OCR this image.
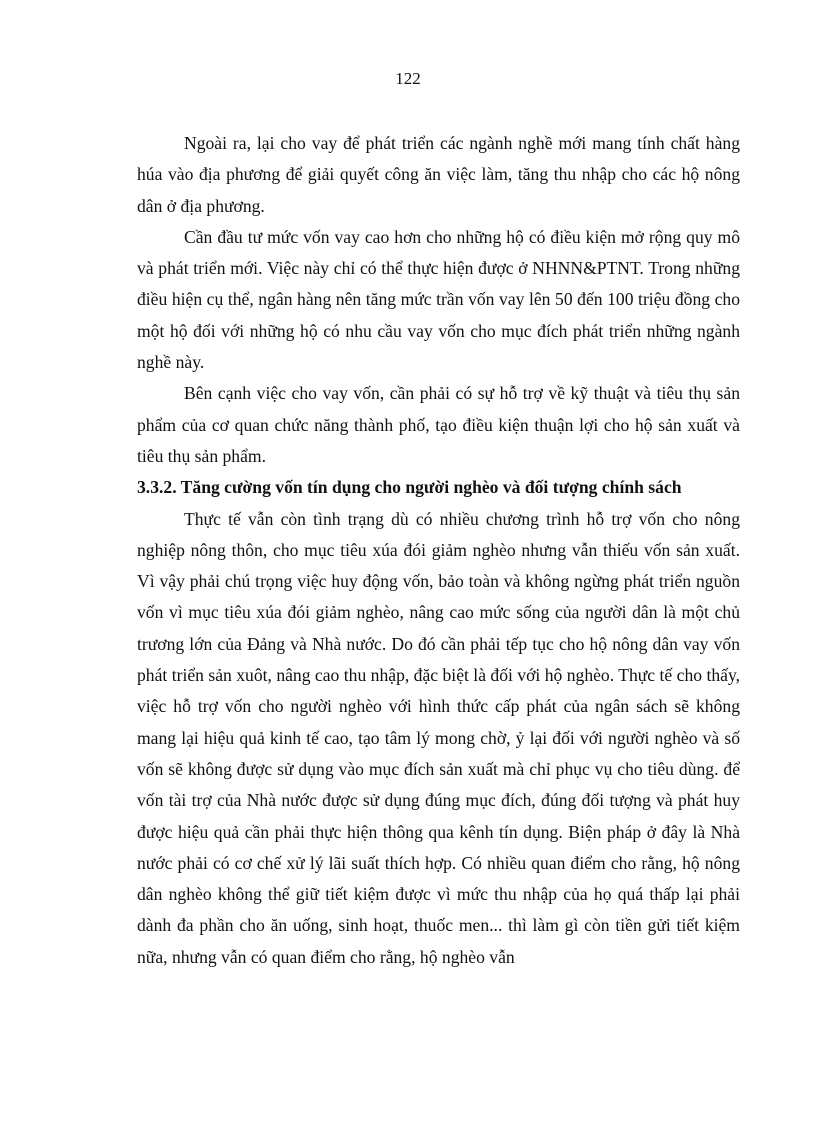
122

Ngoài ra, lại cho vay để phát triển các ngành nghề mới mang tính chất hàng húa vào địa phương để giải quyết công ăn việc làm, tăng thu nhập cho các hộ nông dân ở địa phương.

Cần đầu tư mức vốn vay cao hơn cho những hộ có điều kiện mở rộng quy mô và phát triển mới. Việc này chỉ có thể thực hiện được ở NHNN&PTNT. Trong những điều hiện cụ thể, ngân hàng nên tăng mức trần vốn vay lên 50 đến 100 triệu đồng cho một hộ đối với những hộ có nhu cầu vay vốn cho mục đích phát triển những ngành nghề này.

Bên cạnh việc cho vay vốn, cần phải có sự hỗ trợ về kỹ thuật và tiêu thụ sản phẩm của cơ quan chức năng thành phố, tạo điều kiện thuận lợi cho hộ sản xuất và tiêu thụ sản phẩm.

3.3.2. Tăng cường vốn tín dụng cho người nghèo và đối tượng chính sách

Thực tế vẫn còn tình trạng dù có nhiều chương trình hỗ trợ vốn cho nông nghiệp nông thôn, cho mục tiêu xúa đói giảm nghèo nhưng vẫn thiếu vốn sản xuất. Vì vậy phải chú trọng việc huy động vốn, bảo toàn và không ngừng phát triển nguồn vốn vì mục tiêu xúa đói giảm nghèo, nâng cao mức sống của người dân là một chủ trương lớn của Đảng và Nhà nước. Do đó cần phải tếp tục cho hộ nông dân vay vốn phát triển sản xuôt, nâng cao thu nhập, đặc biệt là đối với hộ nghèo. Thực tế cho thấy, việc hỗ trợ vốn cho người nghèo với hình thức cấp phát của ngân sách sẽ không mang lại hiệu quả kinh tế cao, tạo tâm lý mong chờ, ỷ lại đối với người nghèo và số vốn sẽ không được sử dụng vào mục đích sản xuất mà chỉ phục vụ cho tiêu dùng. để vốn tài trợ của Nhà nước được sử dụng đúng mục đích, đúng đối tượng và phát huy được hiệu quả cần phải thực hiện thông qua kênh tín dụng. Biện pháp ở đây là Nhà nước phải có cơ chế xử lý lãi suất thích hợp. Có nhiều quan điểm cho rằng, hộ nông dân nghèo không thể giữ tiết kiệm được vì mức thu nhập của họ quá thấp lại phải dành đa phần cho ăn uống, sinh hoạt, thuốc men... thì làm gì còn tiền gửi tiết kiệm nữa, nhưng vẫn có quan điểm cho rằng, hộ nghèo vẫn
